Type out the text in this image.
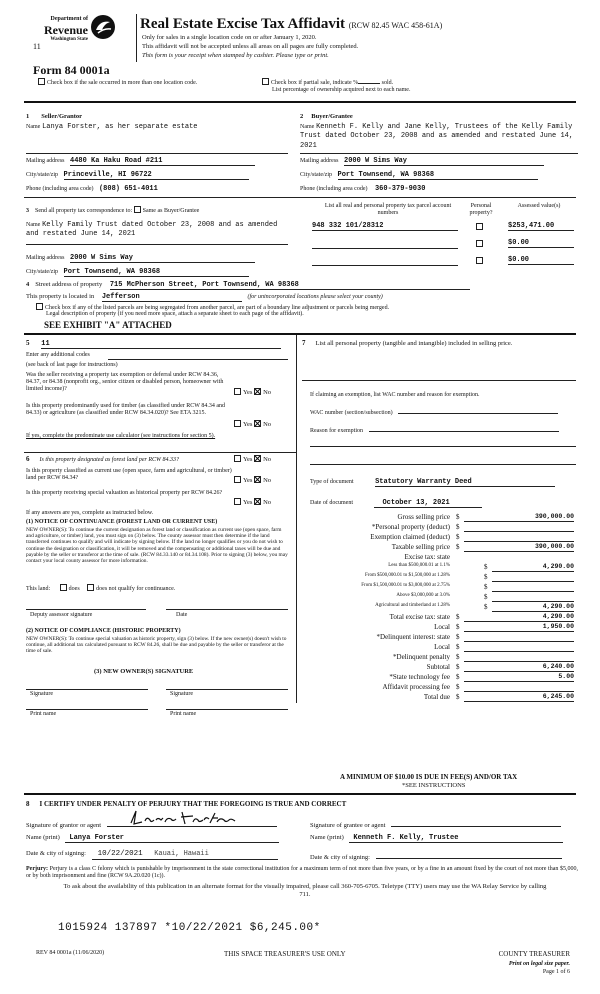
Department of
Revenue
Washington State
11
Real Estate Excise Tax Affidavit (RCW 82.45 WAC 458-61A)
Only for sales in a single location code on or after January 1, 2020.
This affidavit will not be accepted unless all areas on all pages are fully completed.
This form is your receipt when stamped by cashier. Please type or print.
Form 84 0001a
Check box if the sale occurred in more than one location code.	Check box if partial sale, indicate %	sold.
List percentage of ownership acquired next to each name.
1 Seller/Grantor
Name Lanya Forster, as her separate estate
Mailing address 4480 Ka Haku Road #211
City/state/zip Princeville, HI 96722
Phone (including area code) (808) 651-4011
2 Buyer/Grantee
Name Kenneth F. Kelly and Jane Kelly, Trustees of the Kelly Family Trust dated October 23, 2008 and as amended and restated June 14, 2021
Mailing address 2000 W Sims Way
City/state/zip Port Townsend, WA 98368
Phone (including area code) 360-379-9030
3 Send all property tax correspondence to: Same as Buyer/Grantee
Name Kelly Family Trust dated October 23, 2008 and as amended and restated June 14, 2021
Mailing address 2000 W Sims Way
City/state/zip Port Townsend, WA 98368
List all real and personal property tax parcel account numbers
Personal property?
Assessed value(s)
948 332 101/28312	$253,471.00
$0.00
$0.00
4 Street address of property 715 McPherson Street, Port Townsend, WA 98368
This property is located in Jefferson	(for unincorporated locations please select your county)
Check box if any of the listed parcels are being segregated from another parcel, are part of a boundary line adjustment or parcels being merged.
Legal description of property (if you need more space, attach a separate sheet to each page of the affidavit).
SEE EXHIBIT "A" ATTACHED
5 11
Enter any additional codes
(see back of last page for instructions)
Was the seller receiving a property tax exemption or deferral under RCW 84.36, 84.37, or 84.38 (nonprofit org., senior citizen or disabled person, homeowner with limited income)?	Yes No
Is this property predominantly used for timber (as classified under RCW 84.34 and 84.33) or agriculture (as classified under RCW 84.34.020)? See ETA 3215.
Yes No
If yes, complete the predominate use calculator (see instructions for section 5).
6 Is this property designated as forest land per RCW 84.33?	Yes No
Is this property classified as current use (open space, farm and agricultural, or timber) land per RCW 84.34?	Yes No
Is this property receiving special valuation as historical property per RCW 84.26?
Yes No
If any answers are yes, complete as instructed below.
(1) NOTICE OF CONTINUANCE (FOREST LAND OR CURRENT USE)
NEW OWNER(S): To continue the current designation as forest land or classification as current use (open space, farm and agriculture, or timber) land, you must sign on (3) below. The county assessor must then determine if the land transferred continues to qualify and will indicate by signing below. If the land no longer qualifies or you do not wish to continue the designation or classification, it will be removed and the compensating or additional taxes will be due and payable by the seller or transferor at the time of sale. (RCW 84.33.140 or 84.34.108). Prior to signing (3) below, you may contact your local county assessor for more information.
This land:	does	does not qualify for continuance.
Deputy assessor signature	Date
(2) NOTICE OF COMPLIANCE (HISTORIC PROPERTY)
NEW OWNER(S): To continue special valuation as historic property, sign (3) below. If the new owner(s) doesn't wish to continue, all additional tax calculated pursuant to RCW 84.26, shall be due and payable by the seller or transferor at the time of sale.
(3) NEW OWNER(S) SIGNATURE
Signature	Signature
Print name	Print name
7 List all personal property (tangible and intangible) included in selling price.
If claiming an exemption, list WAC number and reason for exemption.
WAC number (section/subsection)
Reason for exemption
Type of document	Statutory Warranty Deed
Date of document	October 13, 2021
Gross selling price $	390,000.00
*Personal property (deduct) $
Exemption claimed (deduct) $
Taxable selling price $	390,000.00
Excise tax: state
Less than $500,000.01 at 1.1%	$	4,290.00
From $500,000.01 to $1,500,000 at 1.28%	$
From $1,500,000.01 to $3,000,000 at 2.75%	$
Above $3,000,000 at 3.0%	$
Agricultural and timberland at 1.28%	$	4,290.00
Total excise tax: state $	4,290.00
Local $	1,950.00
*Delinquent interest: state $
Local $
*Delinquent penalty $
Subtotal $	6,240.00
*State technology fee $	5.00
Affidavit processing fee $
Total due $	6,245.00
A MINIMUM OF $10.00 IS DUE IN FEE(S) AND/OR TAX
*SEE INSTRUCTIONS
8 I CERTIFY UNDER PENALTY OF PERJURY THAT THE FOREGOING IS TRUE AND CORRECT
Signature of grantor or agent	Signature of grantee or agent
Name (print) Lanya Forster	Name (print) Kenneth F. Kelly, Trustee
Date & city of signing: 10/22/2021 Kauai, Hawaii	Date & city of signing:
Perjury: Perjury is a class C felony which is punishable by imprisonment in the state correctional institution for a maximum term of not more than five years, or by a fine in an amount fixed by the court of not more than $5,000, or by both imprisonment and fine (RCW 9A.20.020 (1c)).
To ask about the availability of this publication in an alternate format for the visually impaired, please call 360-705-6705. Teletype (TTY) users may use the WA Relay Service by calling 711.
1015924 137897 *10/22/2021 $6,245.00*
REV 84 0001a (11/06/2020)	THIS SPACE TREASURER'S USE ONLY	COUNTY TREASURER
Print on legal size paper.
Page 1 of 6
